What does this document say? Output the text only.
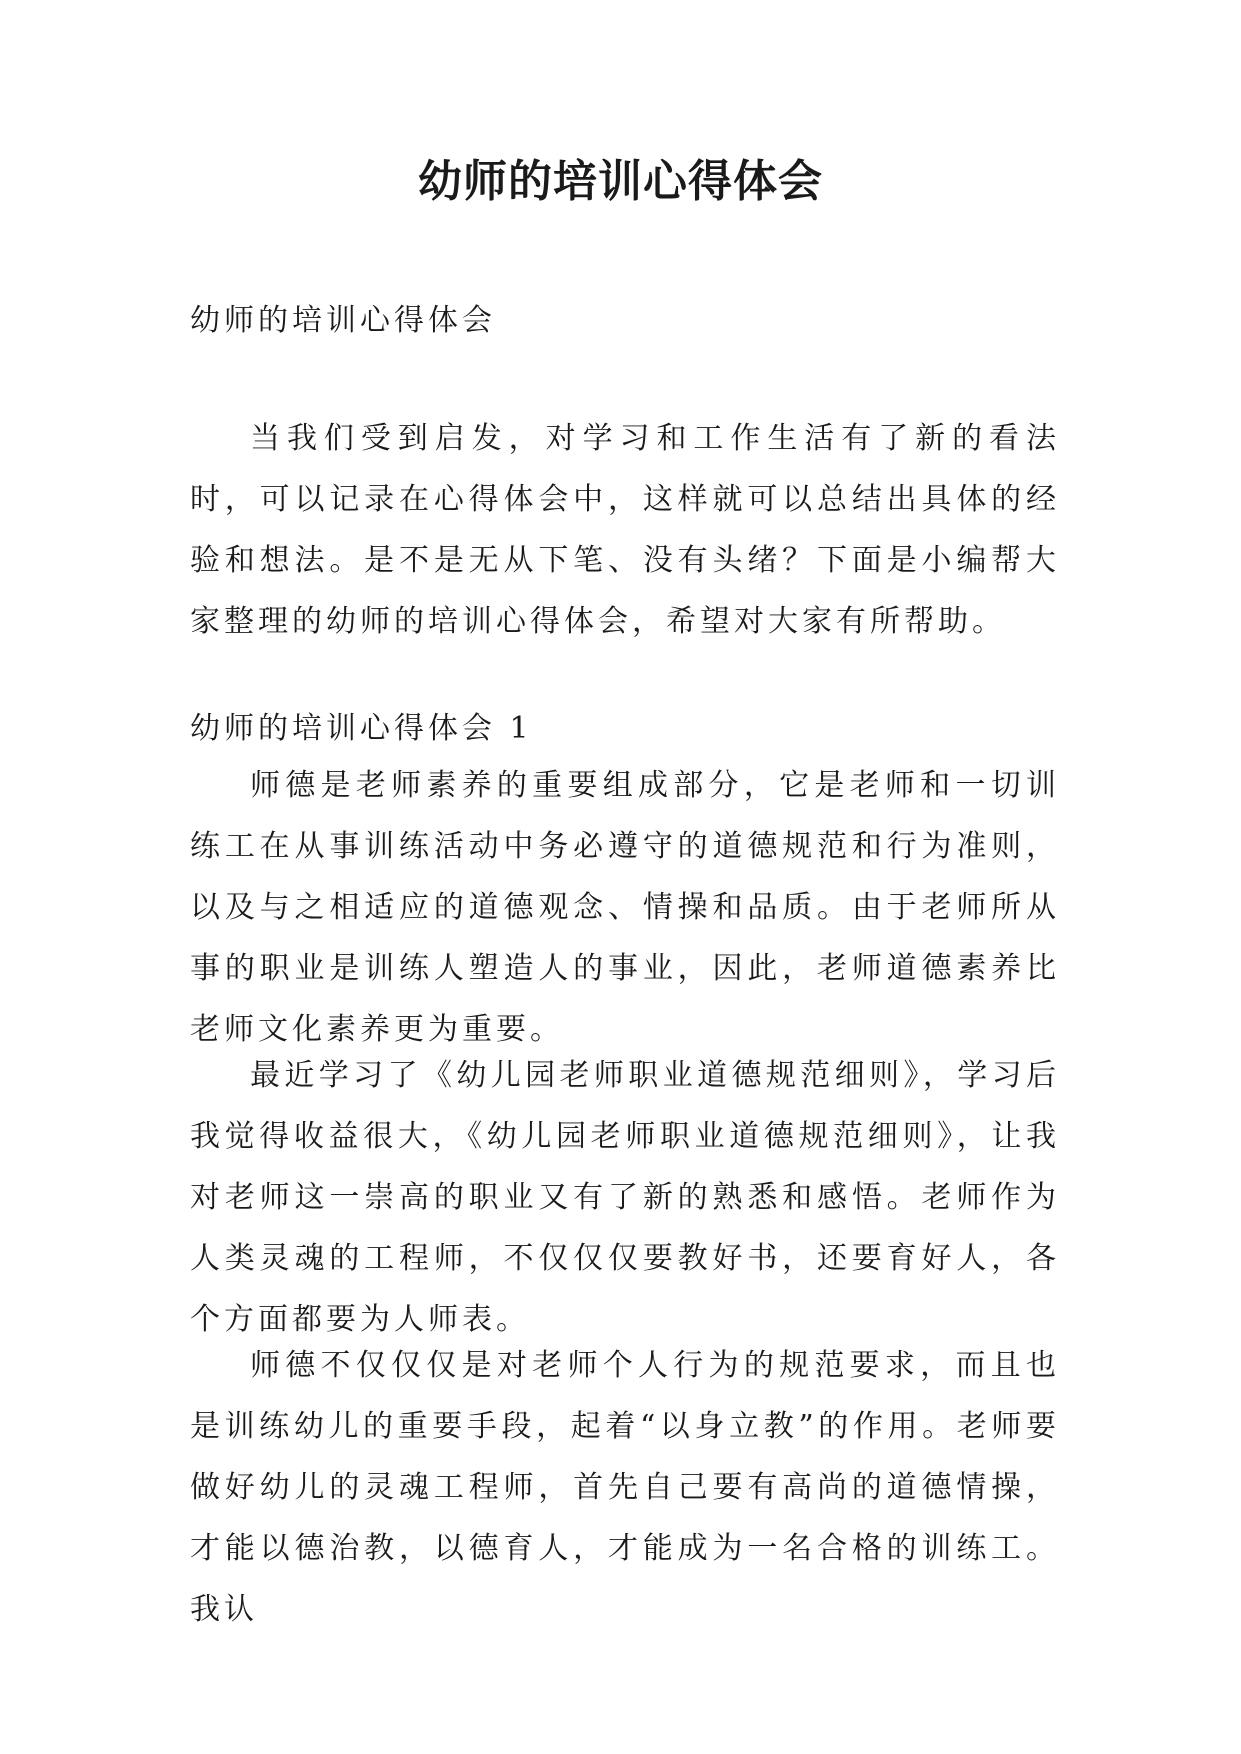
幼师的培训心得体会

幼师的培训心得体会

当我们受到启发，对学习和工作生活有了新的看法时，可以记录在心得体会中，这样就可以总结出具体的经验和想法。是不是无从下笔、没有头绪？下面是小编帮大家整理的幼师的培训心得体会，希望对大家有所帮助。

幼师的培训心得体会 1

师德是老师素养的重要组成部分，它是老师和一切训练工在从事训练活动中务必遵守的道德规范和行为准则，以及与之相适应的道德观念、情操和品质。由于老师所从事的职业是训练人塑造人的事业，因此，老师道德素养比老师文化素养更为重要。

最近学习了《幼儿园老师职业道德规范细则》，学习后我觉得收益很大，《幼儿园老师职业道德规范细则》，让我对老师这一崇高的职业又有了新的熟悉和感悟。老师作为人类灵魂的工程师，不仅仅仅要教好书，还要育好人，各个方面都要为人师表。

师德不仅仅仅是对老师个人行为的规范要求，而且也是训练幼儿的重要手段，起着“以身立教”的作用。老师要做好幼儿的灵魂工程师，首先自己要有高尚的道德情操，才能以德治教，以德育人，才能成为一名合格的训练工。 我认
